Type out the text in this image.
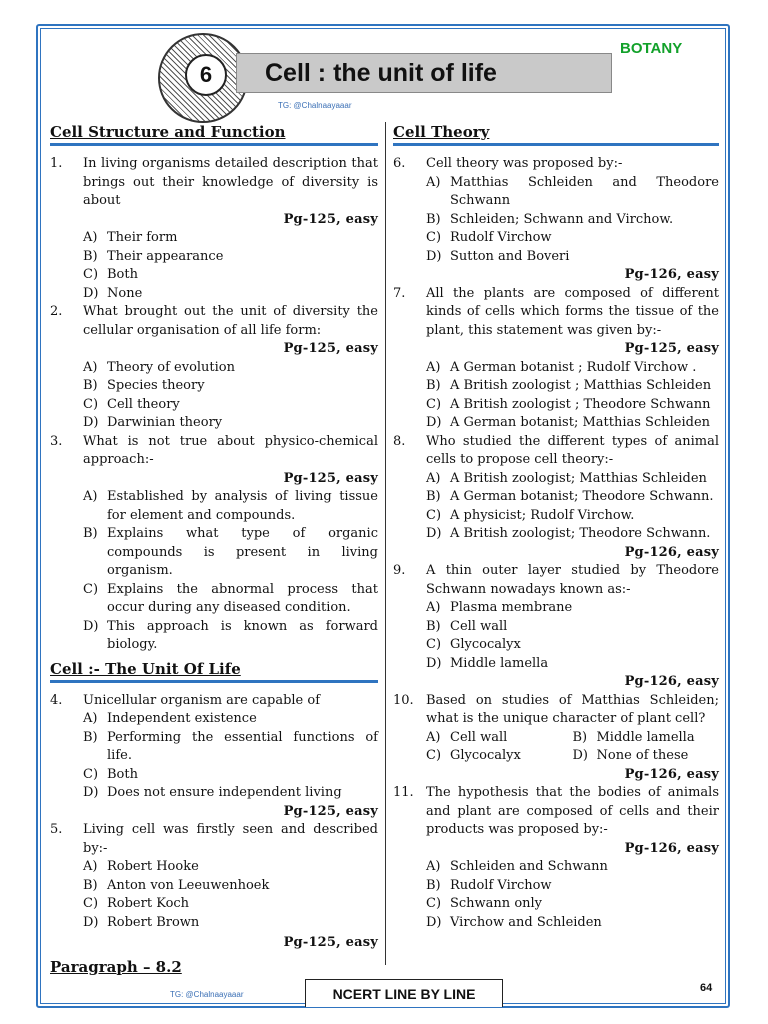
Cell : the unit of life
6
BOTANY
TG: @Chalnaayaaar
Cell Structure and Function
1.	In living organisms detailed description that brings out their knowledge of diversity is about
Pg-125, easy
A) Their form
B) Their appearance
C) Both
D) None
2.	What brought out the unit of diversity the cellular organisation of all life form:
Pg-125, easy
A) Theory of evolution
B) Species theory
C) Cell theory
D) Darwinian theory
3.	What is not true about physico-chemical approach:-
Pg-125, easy
A) Established by analysis of living tissue for element and compounds.
B) Explains what type of organic compounds is present in living organism.
C) Explains the abnormal process that occur during any diseased condition.
D) This approach is known as forward biology.
Cell :- The Unit Of Life
4.	Unicellular organism are capable of
A) Independent existence
B) Performing the essential functions of life.
C) Both
D) Does not ensure independent living
Pg-125, easy
5.	Living cell was firstly seen and described by:-
A) Robert Hooke
B) Anton von Leeuwenhoek
C) Robert Koch
D) Robert Brown
Pg-125, easy
Paragraph – 8.2
Cell Theory
6.	Cell theory was proposed by:-
A) Matthias Schleiden and Theodore Schwann
B) Schleiden; Schwann and Virchow.
C) Rudolf Virchow
D) Sutton and Boveri
Pg-126, easy
7.	All the plants are composed of different kinds of cells which forms the tissue of the plant, this statement was given by:-
Pg-125, easy
A) A German botanist ; Rudolf Virchow .
B) A British zoologist ; Matthias Schleiden
C) A British zoologist ; Theodore Schwann
D) A German botanist; Matthias Schleiden
8.	Who studied the different types of animal cells to propose cell theory:-
A) A British zoologist; Matthias Schleiden
B) A German botanist; Theodore Schwann.
C) A physicist; Rudolf Virchow.
D) A British zoologist; Theodore Schwann.
Pg-126, easy
9.	A thin outer layer studied by Theodore Schwann nowadays known as:-
A) Plasma membrane
B) Cell wall
C) Glycocalyx
D) Middle lamella
Pg-126, easy
10. Based on studies of Matthias Schleiden; what is the unique character of plant cell?
A) Cell wall	B) Middle lamella
C) Glycocalyx	D) None of these
Pg-126, easy
11. The hypothesis that the bodies of animals and plant are composed of cells and their products was proposed by:-
Pg-126, easy
A) Schleiden and Schwann
B) Rudolf Virchow
C) Schwann only
D) Virchow and Schleiden
TG: @Chalnaayaaar	NCERT LINE BY LINE	64
